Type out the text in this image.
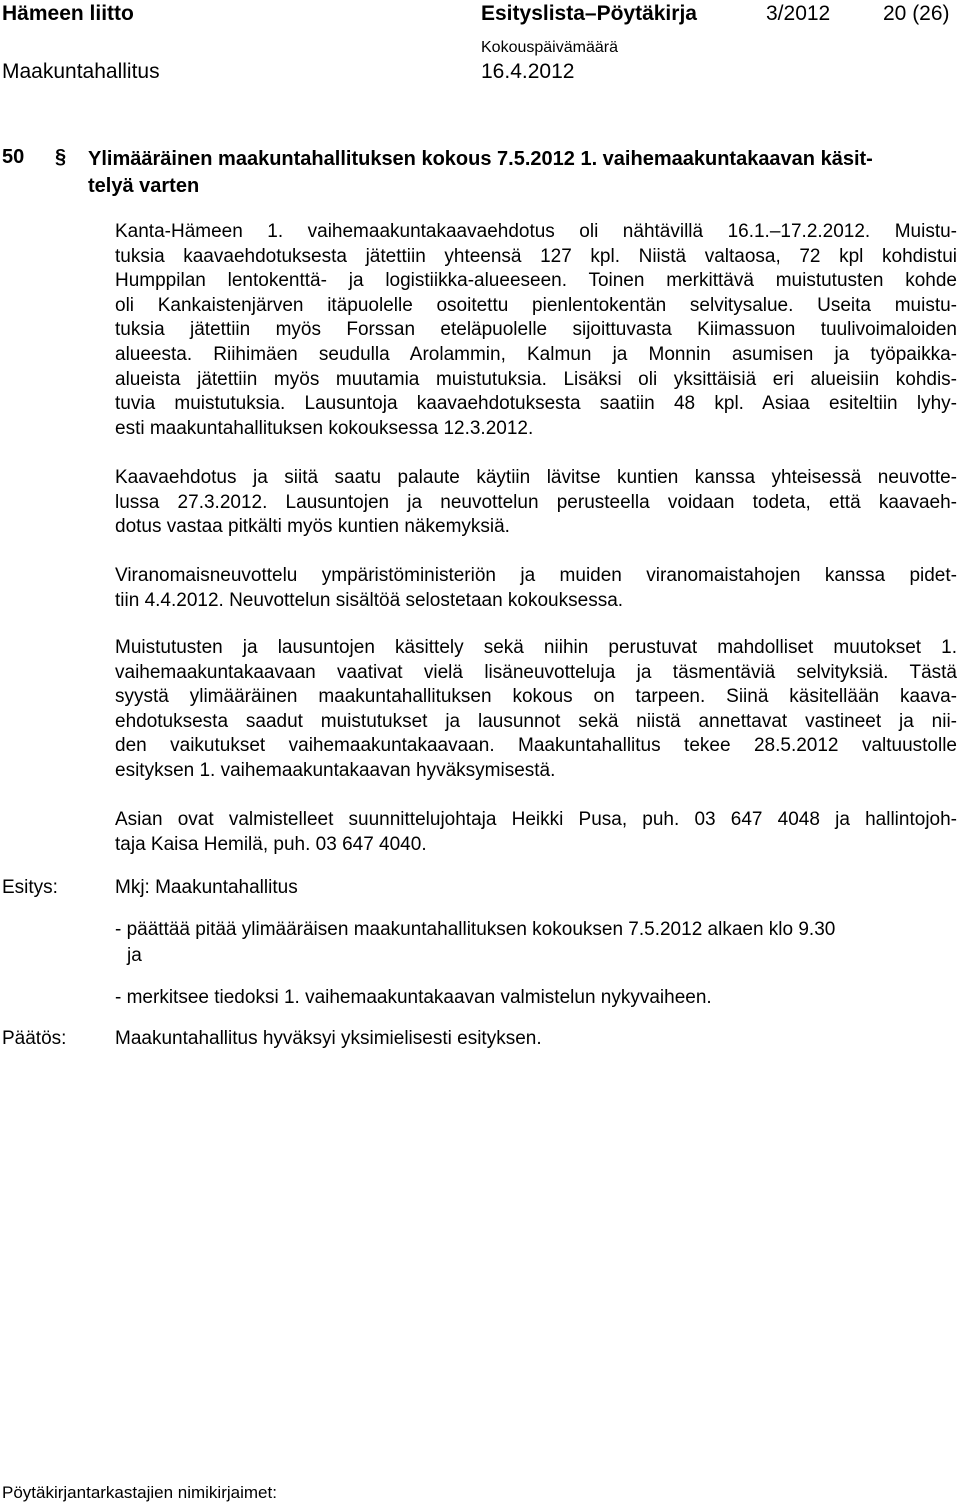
Hämeen liitto	Esityslista–Pöytäkirja	3/2012	20 (26)
Kokouspäivämäärä
Maakuntahallitus	16.4.2012
50 § Ylimääräinen maakuntahallituksen kokous 7.5.2012 1. vaihemaakuntakaavan käsit-
telyä varten
Kanta-Hämeen 1. vaihemaakuntakaavaehdotus oli nähtävillä 16.1.–17.2.2012. Muistu-
tuksia kaavaehdotuksesta jätettiin yhteensä 127 kpl. Niistä valtaosa, 72 kpl kohdistui
Humppilan lentokenttä- ja logistiikka-alueeseen. Toinen merkittävä muistutusten kohde
oli Kankaistenjärven itäpuolelle osoitettu pienlentokentän selvitysalue. Useita muistu-
tuksia jätettiin myös Forssan eteläpuolelle sijoittuvasta Kiimassuon tuulivoimaloiden
alueesta. Riihimäen seudulla Arolammin, Kalmun ja Monnin asumisen ja työpaikka-
alueista jätettiin myös muutamia muistutuksia. Lisäksi oli yksittäisiä eri alueisiin kohdis-
tuvia muistutuksia. Lausuntoja kaavaehdotuksesta saatiin 48 kpl. Asiaa esiteltiin lyhy-
esti maakuntahallituksen kokouksessa 12.3.2012.
Kaavaehdotus ja siitä saatu palaute käytiin lävitse kuntien kanssa yhteisessä neuvotte-
lussa 27.3.2012. Lausuntojen ja neuvottelun perusteella voidaan todeta, että kaavaeh-
dotus vastaa pitkälti myös kuntien näkemyksiä.
Viranomaisneuvottelu ympäristöministeriön ja muiden viranomaistahojen kanssa pidet-
tiin 4.4.2012. Neuvottelun sisältöä selostetaan kokouksessa.
Muistutusten ja lausuntojen käsittely sekä niihin perustuvat mahdolliset muutokset 1.
vaihemaakuntakaavaan vaativat vielä lisäneuvotteluja ja täsmentäviä selvityksiä. Tästä
syystä ylimääräinen maakuntahallituksen kokous on tarpeen. Siinä käsitellään kaava-
ehdotuksesta saadut muistutukset ja lausunnot sekä niistä annettavat vastineet ja nii-
den vaikutukset vaihemaakuntakaavaan. Maakuntahallitus tekee 28.5.2012 valtuustolle
esityksen 1. vaihemaakuntakaavan hyväksymisestä.
Asian ovat valmistelleet suunnittelujohtaja Heikki Pusa, puh. 03 647 4048 ja hallintojoh-
taja Kaisa Hemilä, puh. 03 647 4040.
Esitys:	Mkj: Maakuntahallitus
- päättää pitää ylimääräisen maakuntahallituksen kokouksen 7.5.2012 alkaen klo 9.30
ja
- merkitsee tiedoksi 1. vaihemaakuntakaavan valmistelun nykyvaiheen.
Päätös:	Maakuntahallitus hyväksyi yksimielisesti esityksen.
Pöytäkirjantarkastajien nimikirjaimet:
